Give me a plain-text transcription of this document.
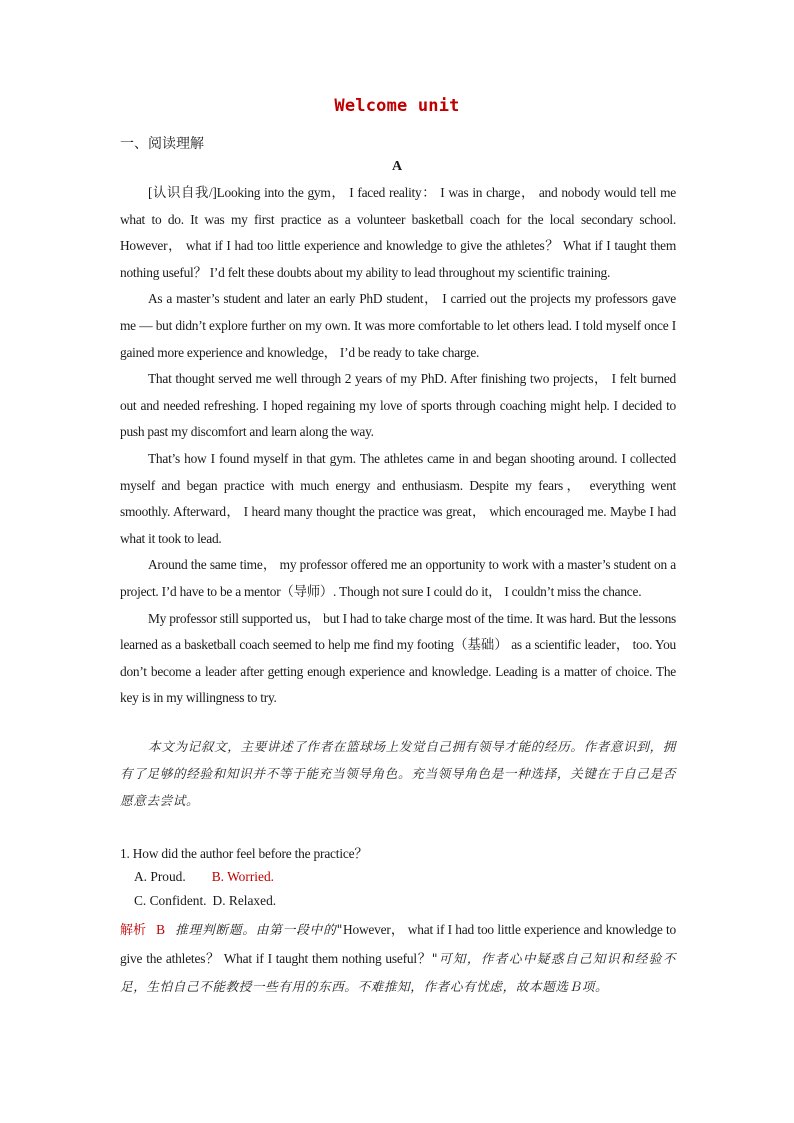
Welcome unit
一、阅读理解
A

[认识自我/]Looking into the gym， I faced reality： I was in charge， and nobody would tell me what to do. It was my first practice as a volunteer basketball coach for the local secondary school. However， what if I had too little experience and knowledge to give the athletes？ What if I taught them nothing useful？ I’d felt these doubts about my ability to lead throughout my scientific training.

As a master’s student and later an early PhD student， I carried out the projects my professors gave me — but didn’t explore further on my own. It was more comfortable to let others lead. I told myself once I gained more experience and knowledge， I’d be ready to take charge.

That thought served me well through 2 years of my PhD. After finishing two projects， I felt burned out and needed refreshing. I hoped regaining my love of sports through coaching might help. I decided to push past my discomfort and learn along the way.

That’s how I found myself in that gym. The athletes came in and began shooting around. I collected myself and began practice with much energy and enthusiasm. Despite my fears， everything went smoothly. Afterward， I heard many thought the practice was great， which encouraged me. Maybe I had what it took to lead.

Around the same time， my professor offered me an opportunity to work with a master’s student on a project. I’d have to be a mentor（导师）. Though not sure I could do it， I couldn’t miss the chance.

My professor still supported us， but I had to take charge most of the time. It was hard. But the lessons learned as a basketball coach seemed to help me find my footing（基础） as a scientific leader， too. You don’t become a leader after getting enough experience and knowledge. Leading is a matter of choice. The key is in my willingness to try.

本文为记叙文，主要讲述了作者在篮球场上发觉自己拥有领导才能的经历。作者意识到，拥有了足够的经验和知识并不等于能充当领导角色。充当领导角色是一种选择，关键在于自己是否愿意去尝试。
1. How did the author feel before the practice？
A. Proud. B. Worried.
C. Confident. D. Relaxed.
解析 B 推理判断题。由第一段中的"However， what if I had too little experience and knowledge to give the athletes？ What if I taught them nothing useful？"可知，作者心中疑惑自己知识和经验不足，生怕自己不能教授一些有用的东西。不难推知，作者心有忧虑，故本题选Ｂ项。
